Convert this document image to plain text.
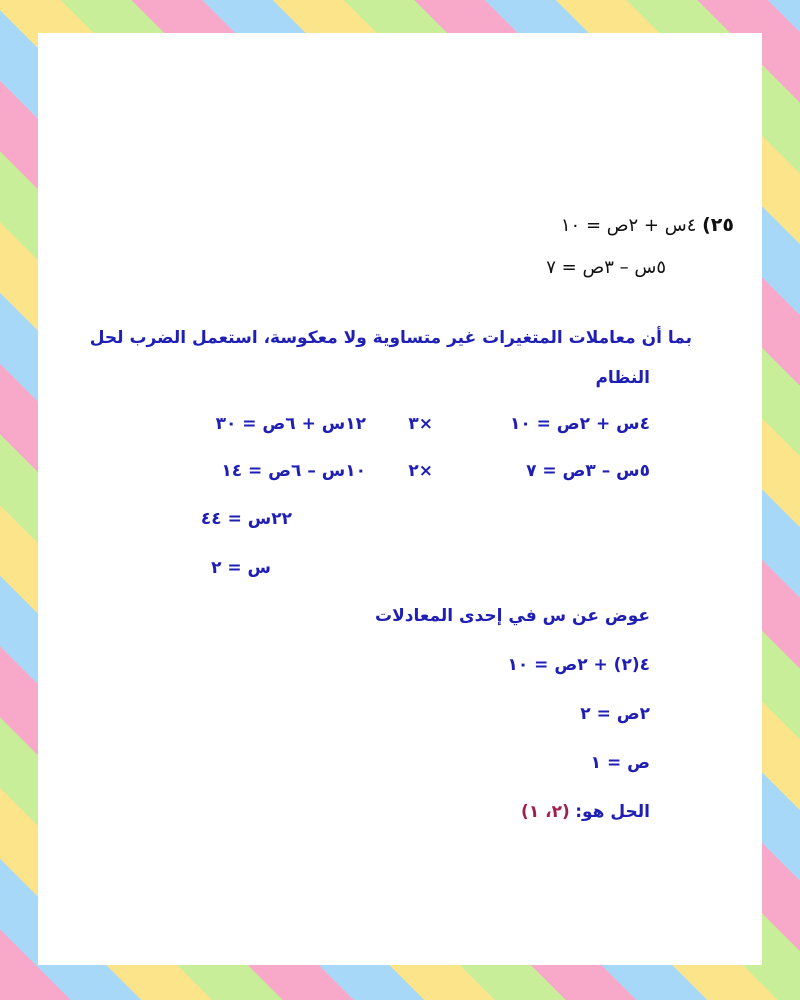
٢٥) ٤س + ٢ص = ١٠
٥س – ٣ص = ٧
بما أن معاملات المتغيرات غير متساوية ولا معكوسة، استعمل الضرب لحل
النظام
٤س + ٢ص = ١٠
×٣
١٢س + ٦ص = ٣٠
٥س – ٣ص = ٧
×٢
١٠س – ٦ص = ١٤
٢٢س = ٤٤
س = ٢
عوض عن س في إحدى المعادلات
٤(٢) + ٢ص = ١٠
٢ص = ٢
ص = ١
الحل هو: (٢، ١)
